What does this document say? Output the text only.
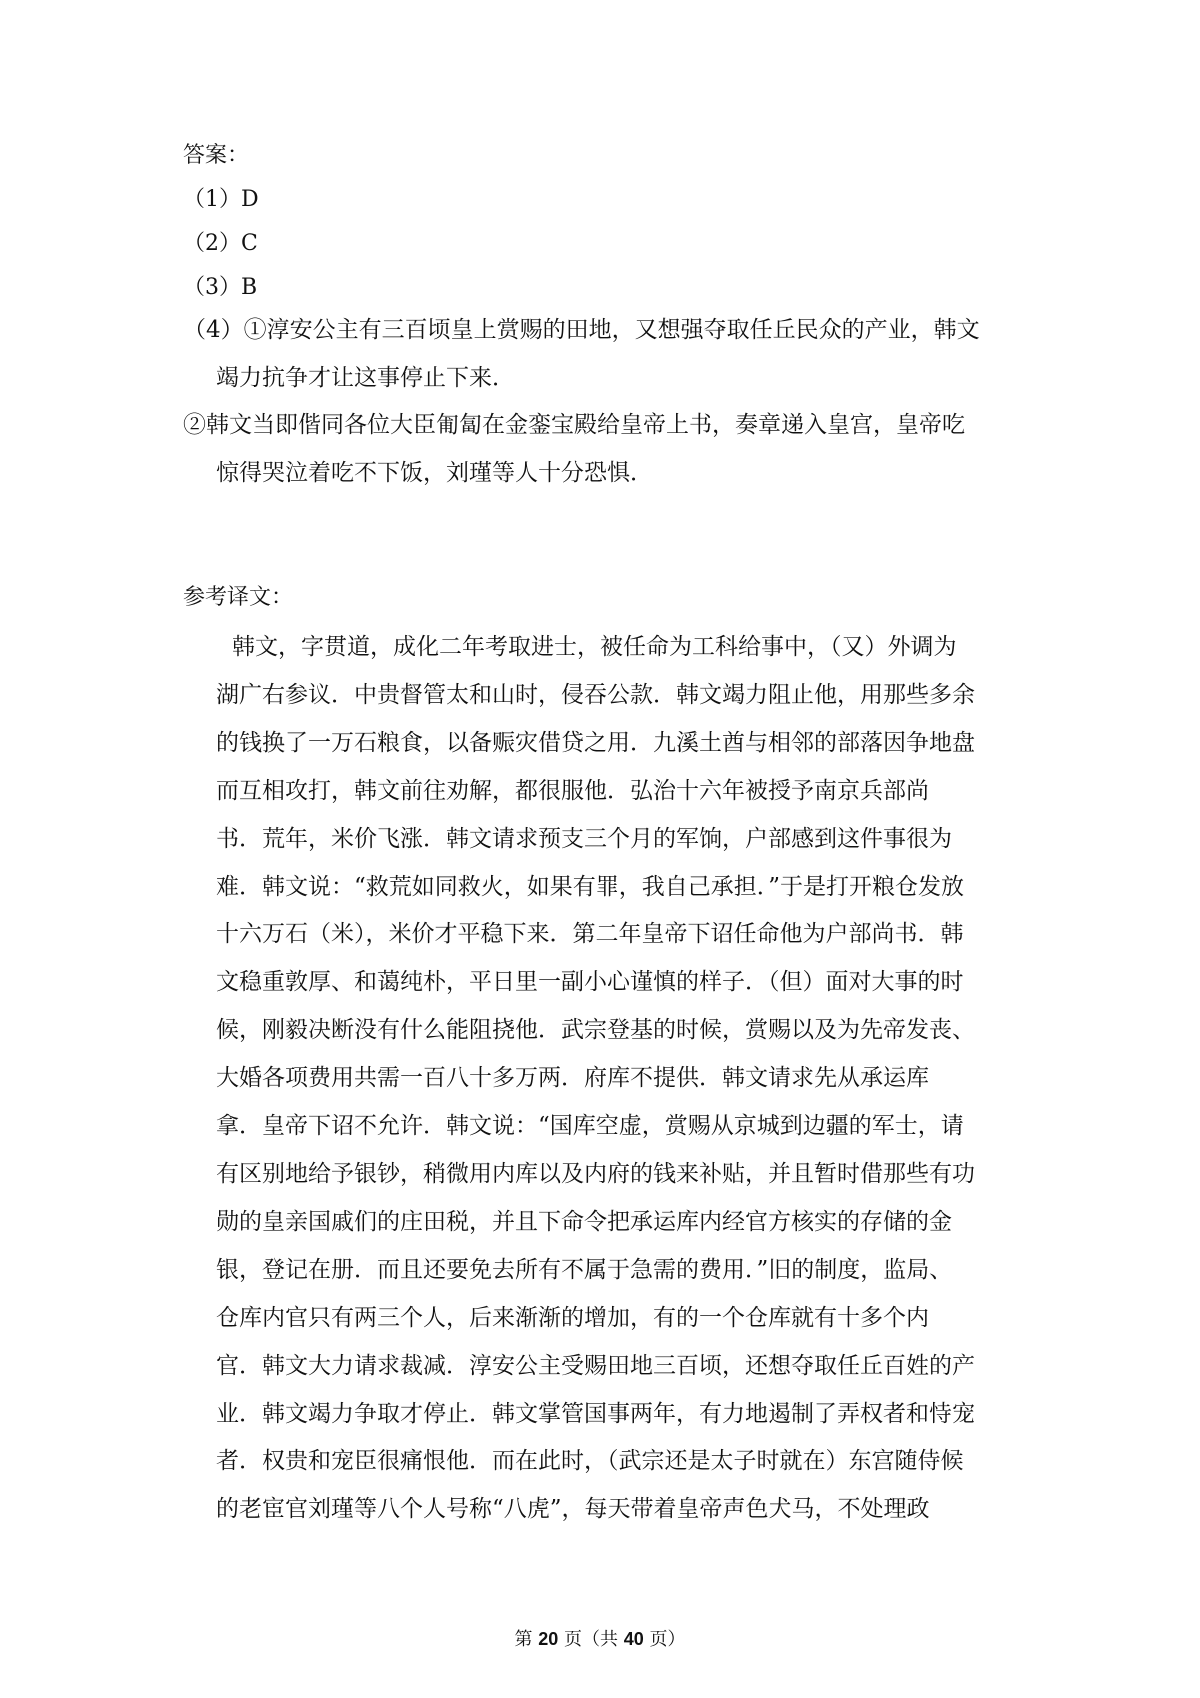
答案：
（1）D
（2）C
（3）B
（4）①淳安公主有三百顷皇上赏赐的田地，又想强夺取任丘民众的产业，韩文
竭力抗争才让这事停止下来．
②韩文当即偕同各位大臣匍匐在金銮宝殿给皇帝上书，奏章递入皇宫，皇帝吃
惊得哭泣着吃不下饭，刘瑾等人十分恐惧．
参考译文：
韩文，字贯道，成化二年考取进士，被任命为工科给事中，（又）外调为
湖广右参议．中贵督管太和山时，侵吞公款．韩文竭力阻止他，用那些多余
的钱换了一万石粮食，以备赈灾借贷之用．九溪土酋与相邻的部落因争地盘
而互相攻打，韩文前往劝解，都很服他．弘治十六年被授予南京兵部尚
书．荒年，米价飞涨．韩文请求预支三个月的军饷，户部感到这件事很为
难．韩文说：“救荒如同救火，如果有罪，我自己承担．”于是打开粮仓发放
十六万石（米），米价才平稳下来．第二年皇帝下诏任命他为户部尚书．韩
文稳重敦厚、和蔼纯朴，平日里一副小心谨慎的样子．（但）面对大事的时
候，刚毅决断没有什么能阻挠他．武宗登基的时候，赏赐以及为先帝发丧、
大婚各项费用共需一百八十多万两．府库不提供．韩文请求先从承运库
拿．皇帝下诏不允许．韩文说：“国库空虚，赏赐从京城到边疆的军士，请
有区别地给予银钞，稍微用内库以及内府的钱来补贴，并且暂时借那些有功
勋的皇亲国戚们的庄田税，并且下命令把承运库内经官方核实的存储的金
银，登记在册．而且还要免去所有不属于急需的费用．”旧的制度，监局、
仓库内官只有两三个人，后来渐渐的增加，有的一个仓库就有十多个内
官．韩文大力请求裁减．淳安公主受赐田地三百顷，还想夺取任丘百姓的产
业．韩文竭力争取才停止．韩文掌管国事两年，有力地遏制了弄权者和恃宠
者．权贵和宠臣很痛恨他．而在此时，（武宗还是太子时就在）东宫随侍候
的老宦官刘瑾等八个人号称“八虎”，每天带着皇帝声色犬马，不处理政
第 20 页（共 40 页）
